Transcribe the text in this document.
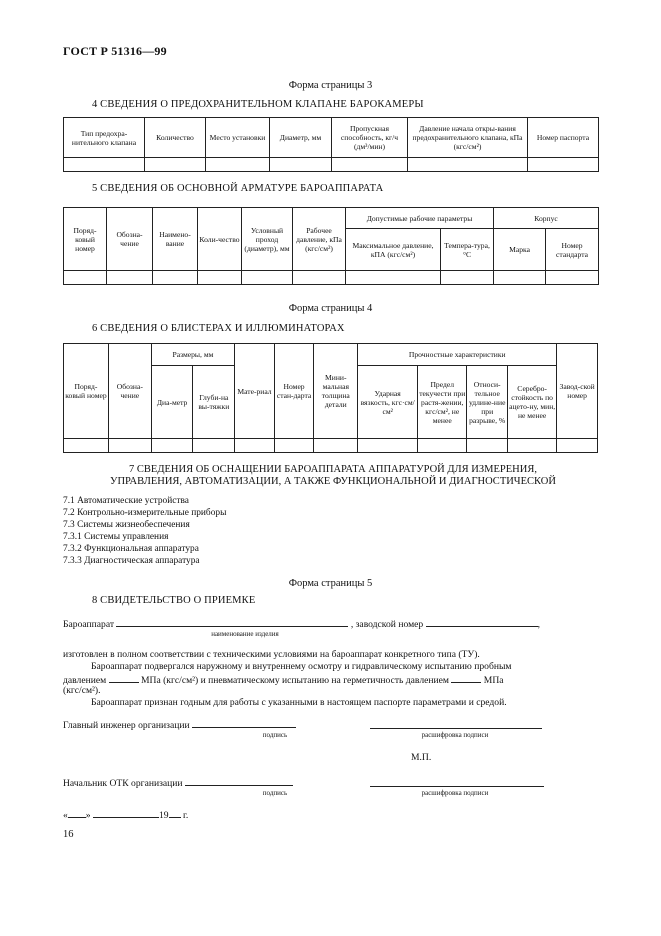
ГОСТ Р 51316—99
Форма страницы 3
4 СВЕДЕНИЯ О ПРЕДОХРАНИТЕЛЬНОМ КЛАПАНЕ БАРОКАМЕРЫ
Тип предохра-нительного клапана	Количество	Место установки	Диаметр, мм	Пропускная способность, кг/ч (дм³/мин)	Давление начала откры-вания предохранительного клапана, кПа (кгс/см²)	Номер паспорта

5 СВЕДЕНИЯ ОБ ОСНОВНОЙ АРМАТУРЕ БАРОАППАРАТА
Поряд-ковый номер	Обозна-чение	Наимено-вание	Коли-чество	Условный проход (диаметр), мм	Рабочее давление, кПа (кгс/см²)	Допустимые рабочие параметры		Корпус	
						Максимальное давление, кПА (кгс/см²)	Темпера-тура, °С	Марка	Номер стандарта

Форма страницы 4
6 СВЕДЕНИЯ О БЛИСТЕРАХ И ИЛЛЮМИНАТОРАХ
Поряд-ковый номер	Обозна-чение	Размеры, мм		Мате-риал	Номер стан-дарта	Мини-мальная толщина детали	Прочностные характеристики				Завод-ской номер
		Диа-метр	Глуби-на вы-тяжки				Ударная вязкость, кгс·см/см²	Предел текучести при растя-жении, кгс/см², не менее	Относи-тельное удлине-ние при разрыве, %	Серебро-стойкость по ацето-ну, мин, не менее	

7 СВЕДЕНИЯ ОБ ОСНАЩЕНИИ БАРОАППАРАТА АППАРАТУРОЙ ДЛЯ ИЗМЕРЕНИЯ,
УПРАВЛЕНИЯ, АВТОМАТИЗАЦИИ, А ТАКЖЕ ФУНКЦИОНАЛЬНОЙ И ДИАГНОСТИЧЕСКОЙ
7.1 Автоматические устройства
7.2 Контрольно-измерительные приборы
7.3 Системы жизнеобеспечения
7.3.1 Системы управления
7.3.2 Функциональная аппаратура
7.3.3 Диагностическая аппаратура
Форма страницы 5
8 СВИДЕТЕЛЬСТВО О ПРИЕМКЕ
Бароаппарат	, заводской номер	,
наименование изделия
изготовлен в полном соответствии с техническими условиями на бароаппарат конкретного типа (ТУ).
Бароаппарат подвергался наружному и внутреннему осмотру и гидравлическому испытанию пробным
давлением	МПа (кгс/см²) и пневматическому испытанию на герметичность давлением	МПа
(кгс/см²).
Бароаппарат признан годным для работы с указанными в настоящем паспорте параметрами и средой.
Главный инженер организации
подпись	расшифровка подписи
М.П.
Начальник ОТК организации
подпись	расшифровка подписи
« »	19 г.
16
